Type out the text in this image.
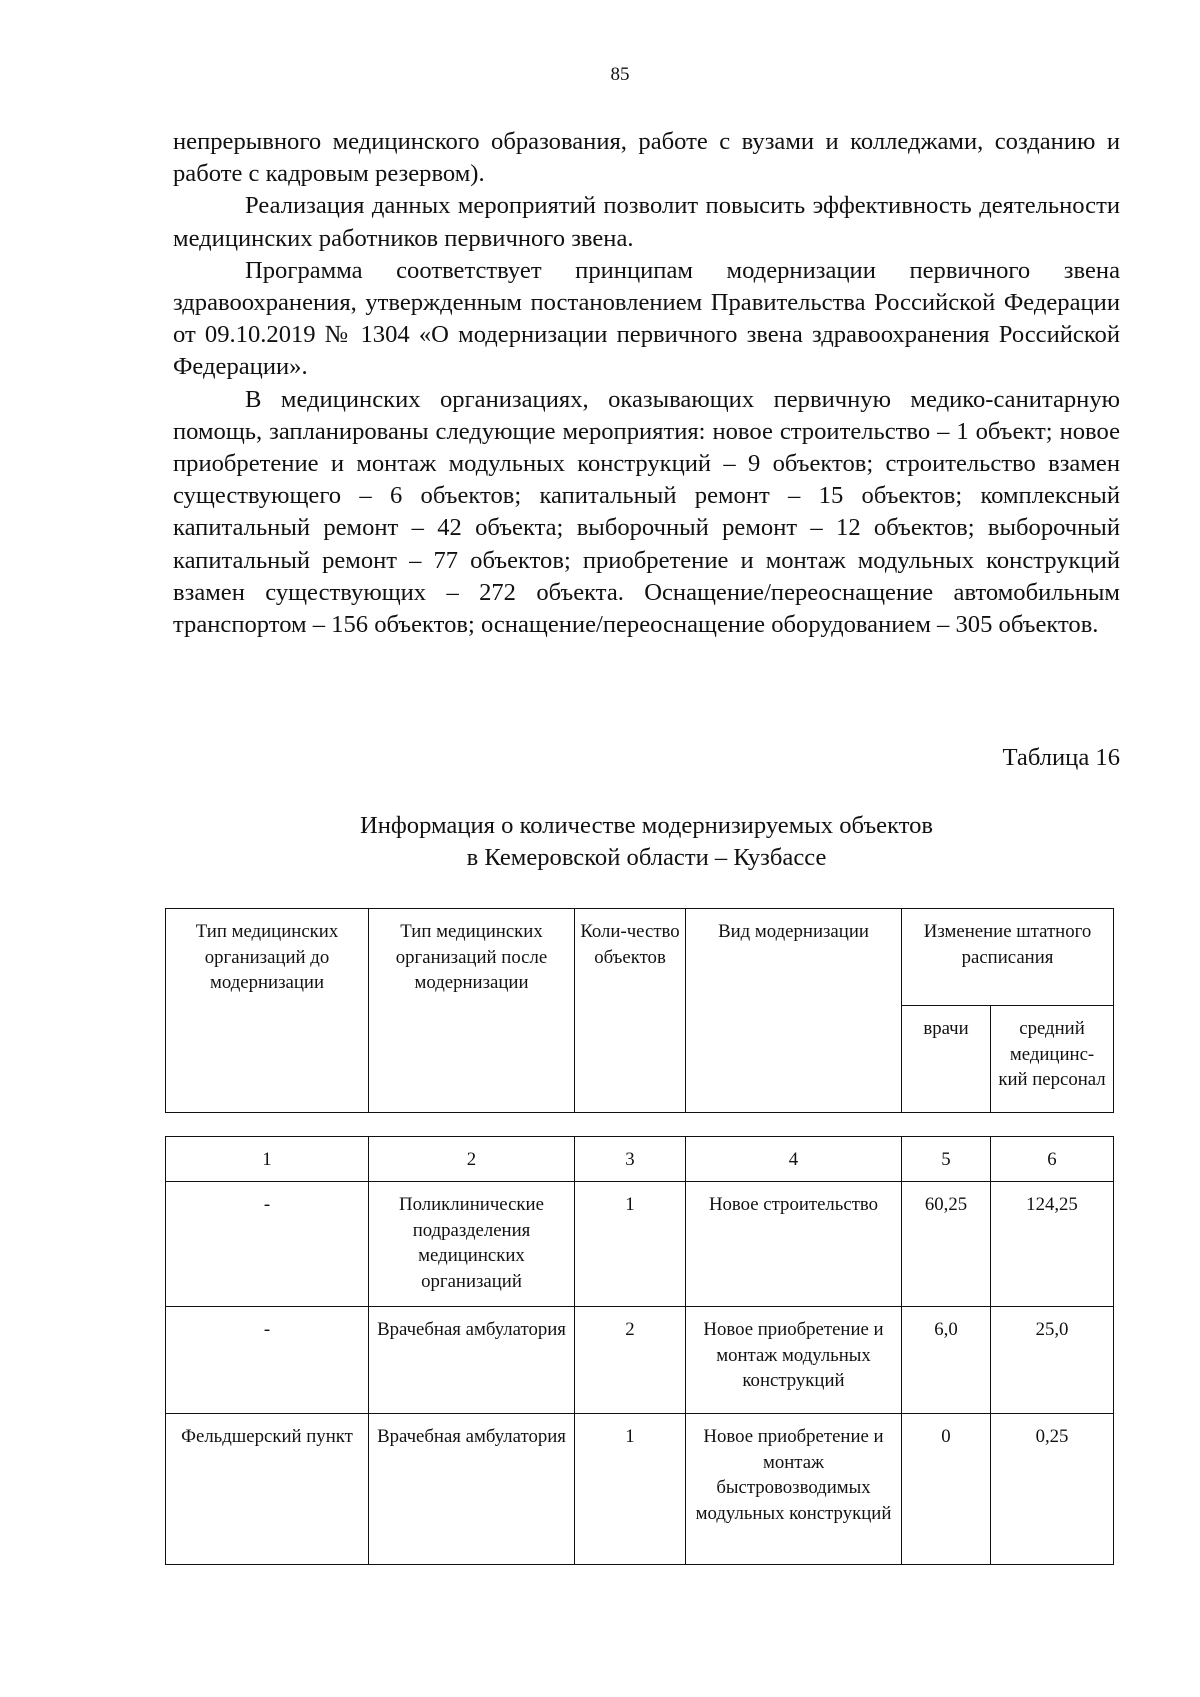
85

непрерывного медицинского образования, работе с вузами и колледжами, созданию и работе с кадровым резервом).

Реализация данных мероприятий позволит повысить эффективность деятельности медицинских работников первичного звена.

Программа соответствует принципам модернизации первичного звена здравоохранения, утвержденным постановлением Правительства Российской Федерации от 09.10.2019 № 1304 «О модернизации первичного звена здравоохранения Российской Федерации».

В медицинских организациях, оказывающих первичную медико-санитарную помощь, запланированы следующие мероприятия: новое строительство – 1 объект; новое приобретение и монтаж модульных конструкций – 9 объектов; строительство взамен существующего – 6 объектов; капитальный ремонт – 15 объектов; комплексный капитальный ремонт – 42 объекта; выборочный ремонт – 12 объектов; выборочный капитальный ремонт – 77 объектов; приобретение и монтаж модульных конструкций взамен существующих – 272 объекта. Оснащение/переоснащение автомобильным транспортом – 156 объектов; оснащение/переоснащение оборудованием – 305 объектов.

Таблица 16
Информация о количестве модернизируемых объектов
в Кемеровской области – Кузбассе
Тип медицинских организаций до модернизации	Тип медицинских организаций после модернизации	Коли-чество объектов	Вид модернизации	Изменение штатного расписания	
				врачи	средний медицинс-кий персонал
1	2	3	4	5	6
-	Поликлинические подразделения медицинских организаций	1	Новое строительство	60,25	124,25
-	Врачебная амбулатория	2	Новое приобретение и монтаж модульных конструкций	6,0	25,0
Фельдшерский пункт	Врачебная амбулатория	1	Новое приобретение и монтаж быстровозводимых модульных конструкций	0	0,25
